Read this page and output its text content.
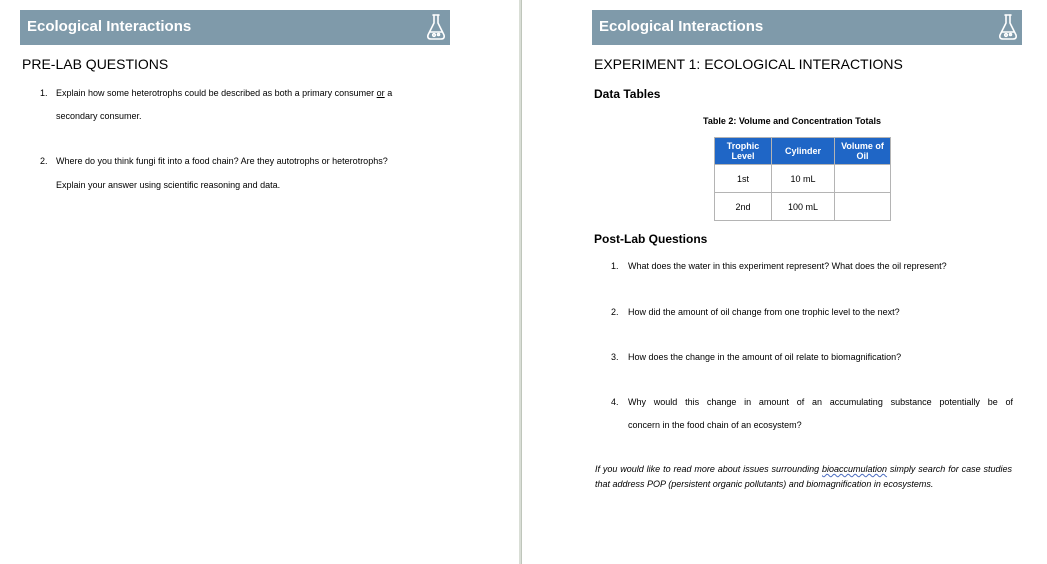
Ecological Interactions
PRE-LAB QUESTIONS
1. Explain how some heterotrophs could be described as both a primary consumer or a
secondary consumer.
2. Where do you think fungi fit into a food chain? Are they autotrophs or heterotrophs?
Explain your answer using scientific reasoning and data.
Ecological Interactions
EXPERIMENT 1: ECOLOGICAL INTERACTIONS
Data Tables
Table 2: Volume and Concentration Totals
Trophic Level	Cylinder	Volume of Oil
1st	10 mL	
2nd	100 mL	
Post-Lab Questions
1. What does the water in this experiment represent? What does the oil represent?
2. How did the amount of oil change from one trophic level to the next?
3. How does the change in the amount of oil relate to biomagnification?
4. Why would this change in amount of an accumulating substance potentially be of
concern in the food chain of an ecosystem?
If you would like to read more about issues surrounding bioaccumulation simply search for case studies that address POP (persistent organic pollutants) and biomagnification in ecosystems.
